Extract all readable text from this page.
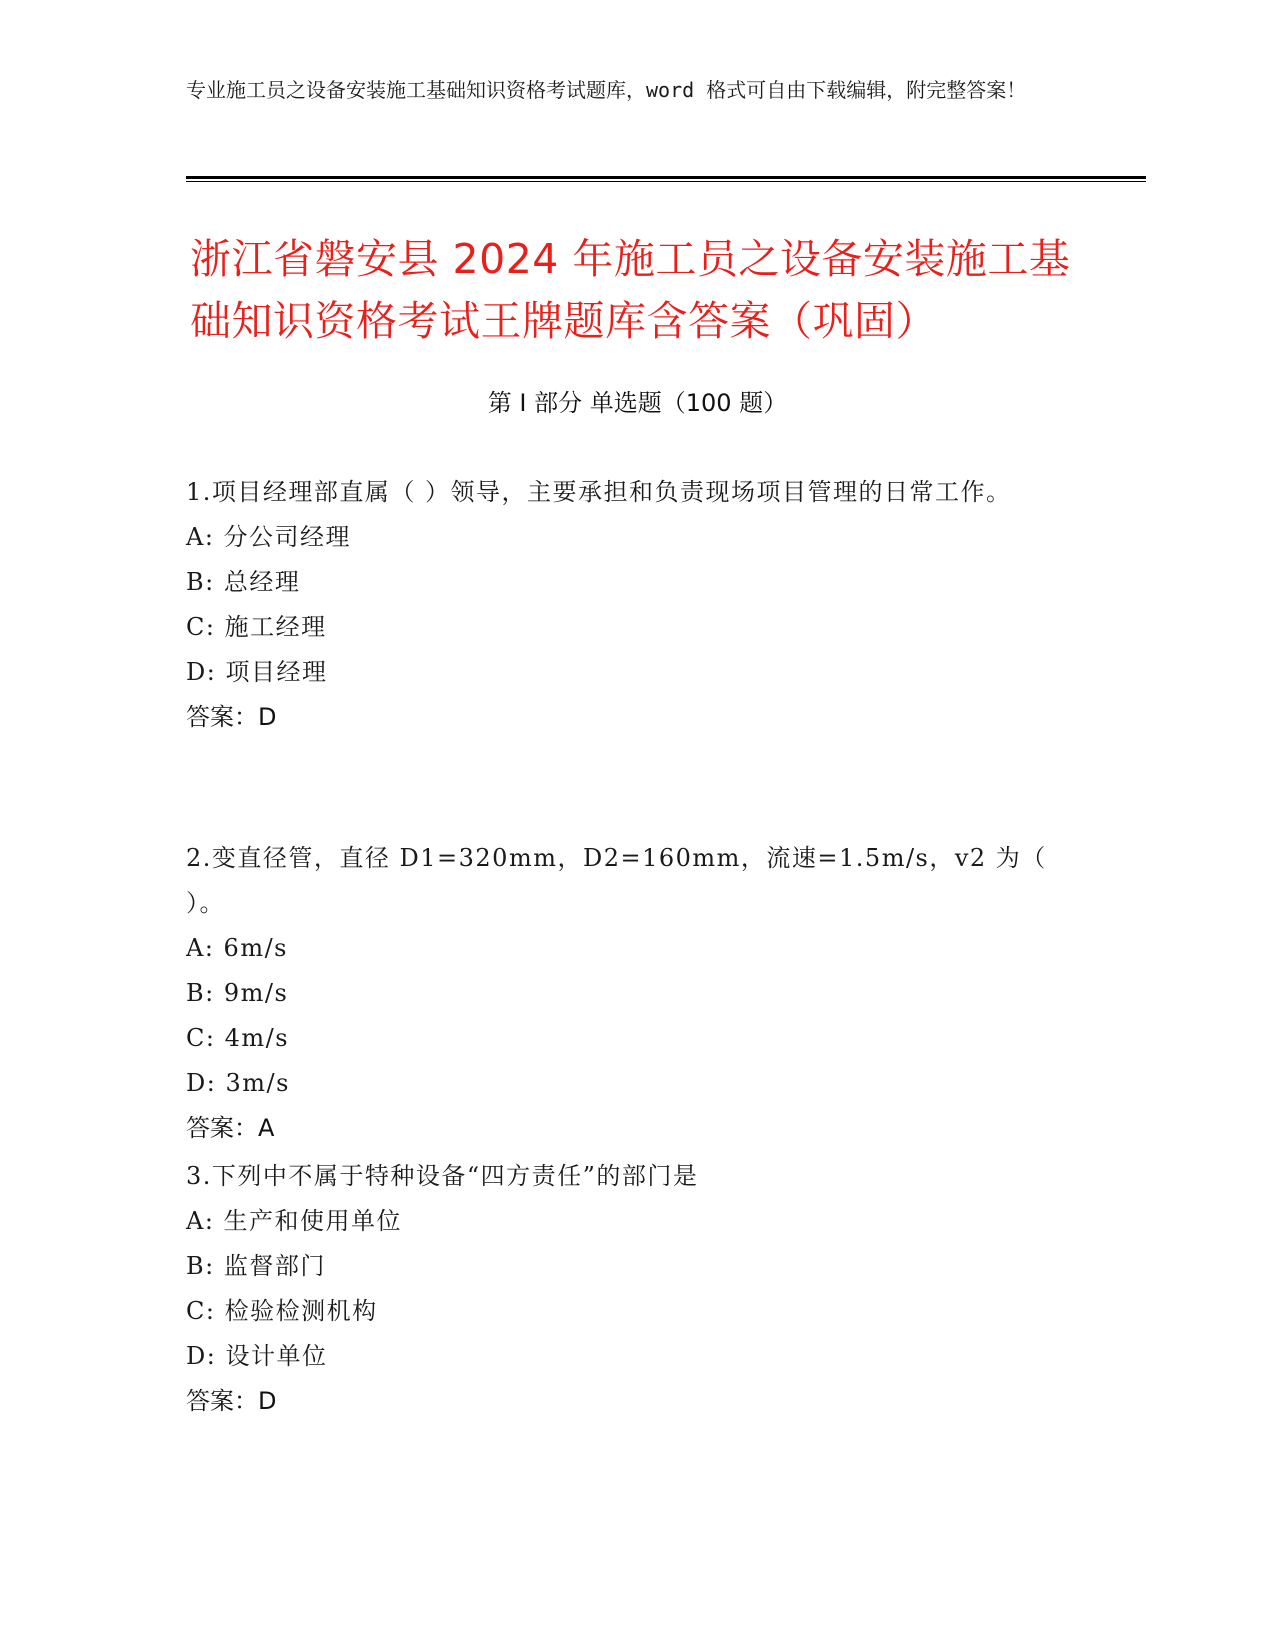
专业施工员之设备安装施工基础知识资格考试题库，word 格式可自由下载编辑，附完整答案！
浙江省磐安县 2024 年施工员之设备安装施工基础知识资格考试王牌题库含答案（巩固）
第 I 部分 单选题（100 题）
1.项目经理部直属（ ）领导，主要承担和负责现场项目管理的日常工作。
A: 分公司经理
B: 总经理
C: 施工经理
D: 项目经理
答案：D
2.变直径管，直径 D1=320mm，D2=160mm，流速=1.5m/s，v2 为（ ）。
A: 6m/s
B: 9m/s
C: 4m/s
D: 3m/s
答案：A
3.下列中不属于特种设备“四方责任”的部门是
A: 生产和使用单位
B: 监督部门
C: 检验检测机构
D: 设计单位
答案：D
